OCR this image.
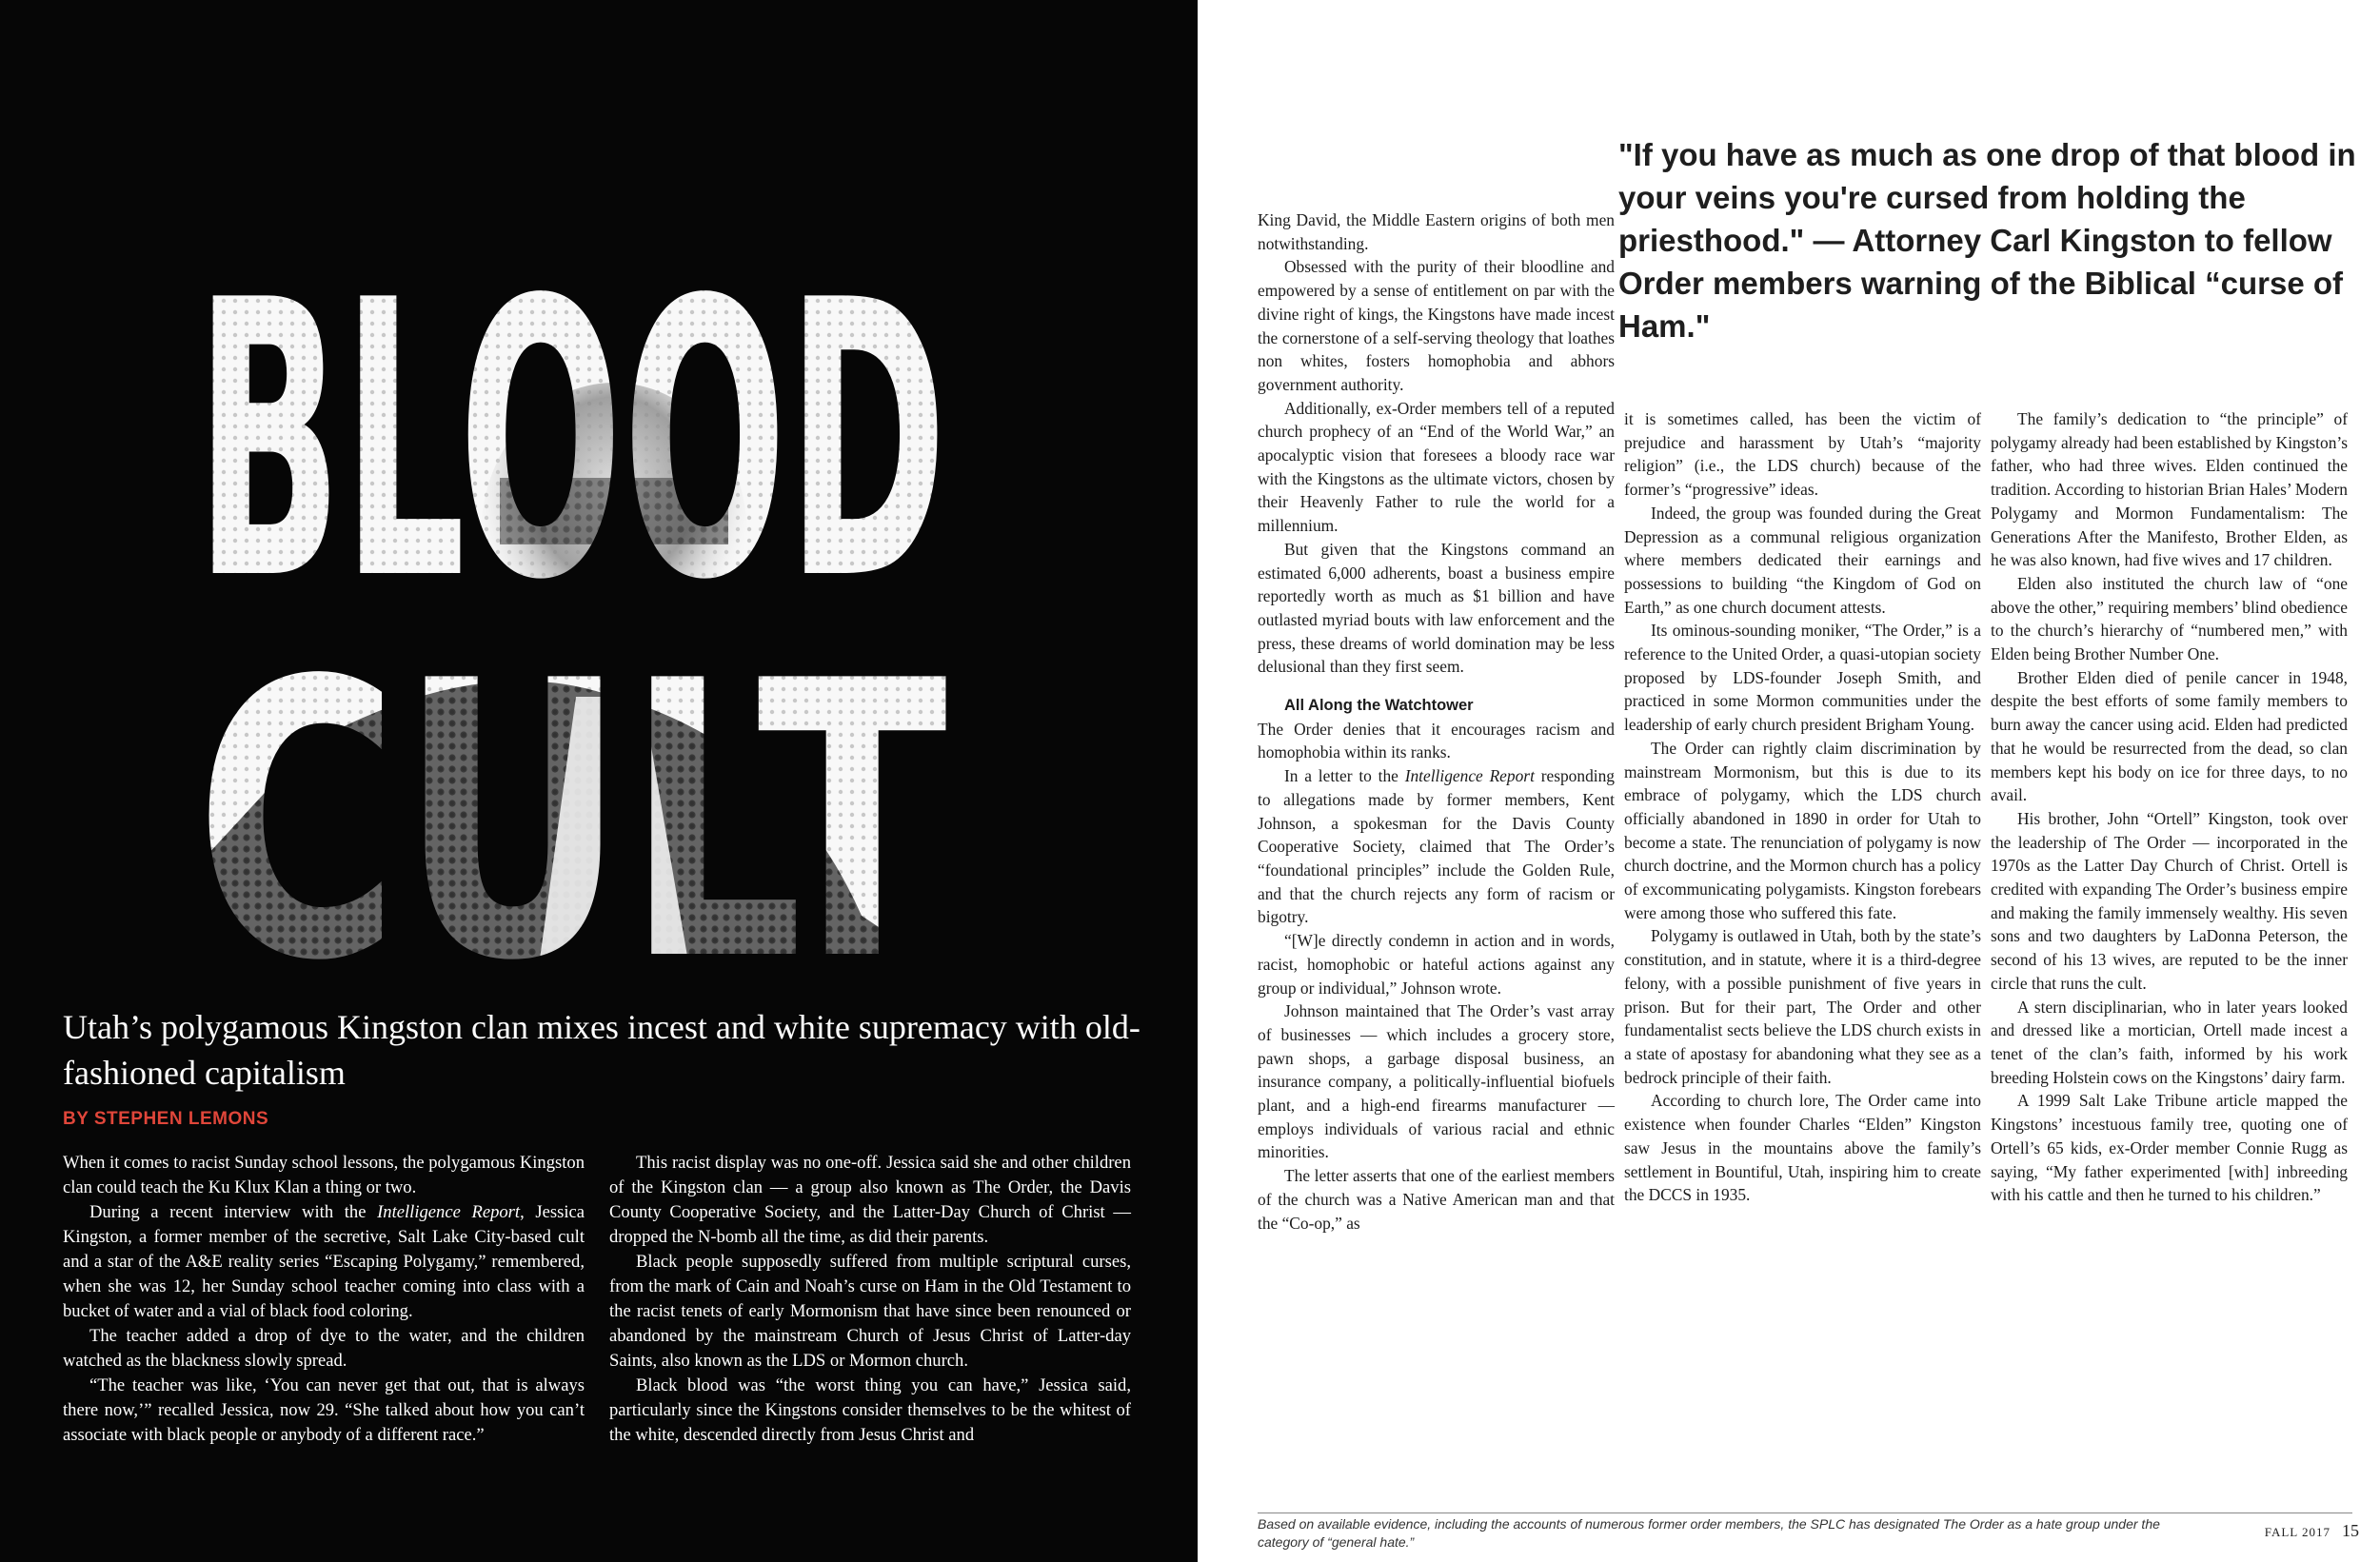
Utah’s polygamous Kingston clan mixes incest and white supremacy with old-fashioned capitalism
BY STEPHEN LEMONS

When it comes to racist Sunday school lessons, the polygamous Kingston clan could teach the Ku Klux Klan a thing or two.

During a recent interview with the Intelligence Report, Jessica Kingston, a former member of the secretive, Salt Lake City-based cult and a star of the A&E reality series “Escaping Polygamy,” remembered, when she was 12, her Sunday school teacher coming into class with a bucket of water and a vial of black food coloring.

The teacher added a drop of dye to the water, and the children watched as the blackness slowly spread.

“The teacher was like, ‘You can never get that out, that is always there now,’” recalled Jessica, now 29. “She talked about how you can’t associate with black people or anybody of a different race.”

This racist display was no one-off. Jessica said she and other children of the Kingston clan — a group also known as The Order, the Davis County Cooperative Society, and the Latter-Day Church of Christ — dropped the N-bomb all the time, as did their parents.

Black people supposedly suffered from multiple scriptural curses, from the mark of Cain and Noah’s curse on Ham in the Old Testament to the racist tenets of early Mormonism that have since been renounced or abandoned by the mainstream Church of Jesus Christ of Latter-day Saints, also known as the LDS or Mormon church.

Black blood was “the worst thing you can have,” Jessica said, particularly since the Kingstons consider themselves to be the whitest of the white, descended directly from Jesus Christ and

"If you have as much as one drop of that blood in your veins you're cursed from holding the priesthood." — Attorney Carl Kingston to fellow Order members warning of the Biblical “curse of Ham."

King David, the Middle Eastern origins of both men notwithstanding.

Obsessed with the purity of their bloodline and empowered by a sense of entitlement on par with the divine right of kings, the Kingstons have made incest the cornerstone of a self-serving theology that loathes non whites, fosters homophobia and abhors government authority.

Additionally, ex-Order members tell of a reputed church prophecy of an “End of the World War,” an apocalyptic vision that foresees a bloody race war with the Kingstons as the ultimate victors, chosen by their Heavenly Father to rule the world for a millennium.

But given that the Kingstons command an estimated 6,000 adherents, boast a business empire reportedly worth as much as $1 billion and have outlasted myriad bouts with law enforcement and the press, these dreams of world domination may be less delusional than they first seem.

All Along the Watchtower

The Order denies that it encourages racism and homophobia within its ranks.

In a letter to the Intelligence Report responding to allegations made by former members, Kent Johnson, a spokesman for the Davis County Cooperative Society, claimed that The Order’s “foundational principles” include the Golden Rule, and that the church rejects any form of racism or bigotry.

“[W]e directly condemn in action and in words, racist, homophobic or hateful actions against any group or individual,” Johnson wrote.

Johnson maintained that The Order’s vast array of businesses — which includes a grocery store, pawn shops, a garbage disposal business, an insurance company, a politically-influential biofuels plant, and a high-end firearms manufacturer — employs individuals of various racial and ethnic minorities.

The letter asserts that one of the earliest members of the church was a Native American man and that the “Co-op,” as

it is sometimes called, has been the victim of prejudice and harassment by Utah’s “majority religion” (i.e., the LDS church) because of the former’s “progressive” ideas.

Indeed, the group was founded during the Great Depression as a communal religious organization where members dedicated their earnings and possessions to building “the Kingdom of God on Earth,” as one church document attests.

Its ominous-sounding moniker, “The Order,” is a reference to the United Order, a quasi-utopian society proposed by LDS-founder Joseph Smith, and practiced in some Mormon communities under the leadership of early church president Brigham Young.

The Order can rightly claim discrimination by mainstream Mormonism, but this is due to its embrace of polygamy, which the LDS church officially abandoned in 1890 in order for Utah to become a state. The renunciation of polygamy is now church doctrine, and the Mormon church has a policy of excommunicating polygamists. Kingston forebears were among those who suffered this fate.

Polygamy is outlawed in Utah, both by the state’s constitution, and in statute, where it is a third-degree felony, with a possible punishment of five years in prison. But for their part, The Order and other fundamentalist sects believe the LDS church exists in a state of apostasy for abandoning what they see as a bedrock principle of their faith.

According to church lore, The Order came into existence when founder Charles “Elden” Kingston saw Jesus in the mountains above the family’s settlement in Bountiful, Utah, inspiring him to create the DCCS in 1935.

The family’s dedication to “the principle” of polygamy already had been established by Kingston’s father, who had three wives. Elden continued the tradition. According to historian Brian Hales’ Modern Polygamy and Mormon Fundamentalism: The Generations After the Manifesto, Brother Elden, as he was also known, had five wives and 17 children.

Elden also instituted the church law of “one above the other,” requiring members’ blind obedience to the church’s hierarchy of “numbered men,” with Elden being Brother Number One.

Brother Elden died of penile cancer in 1948, despite the best efforts of some family members to burn away the cancer using acid. Elden had predicted that he would be resurrected from the dead, so clan members kept his body on ice for three days, to no avail.

His brother, John “Ortell” Kingston, took over the leadership of The Order — incorporated in the 1970s as the Latter Day Church of Christ. Ortell is credited with expanding The Order’s business empire and making the family immensely wealthy. His seven sons and two daughters by LaDonna Peterson, the second of his 13 wives, are reputed to be the inner circle that runs the cult.

A stern disciplinarian, who in later years looked and dressed like a mortician, Ortell made incest a tenet of the clan’s faith, informed by his work breeding Holstein cows on the Kingstons’ dairy farm.

A 1999 Salt Lake Tribune article mapped the Kingstons’ incestuous family tree, quoting one of Ortell’s 65 kids, ex-Order member Connie Rugg as saying, “My father experimented [with] inbreeding with his cattle and then he turned to his children.”

Based on available evidence, including the accounts of numerous former order members, the SPLC has designated The Order as a hate group under the category of “general hate.”
FALL 2017 15
